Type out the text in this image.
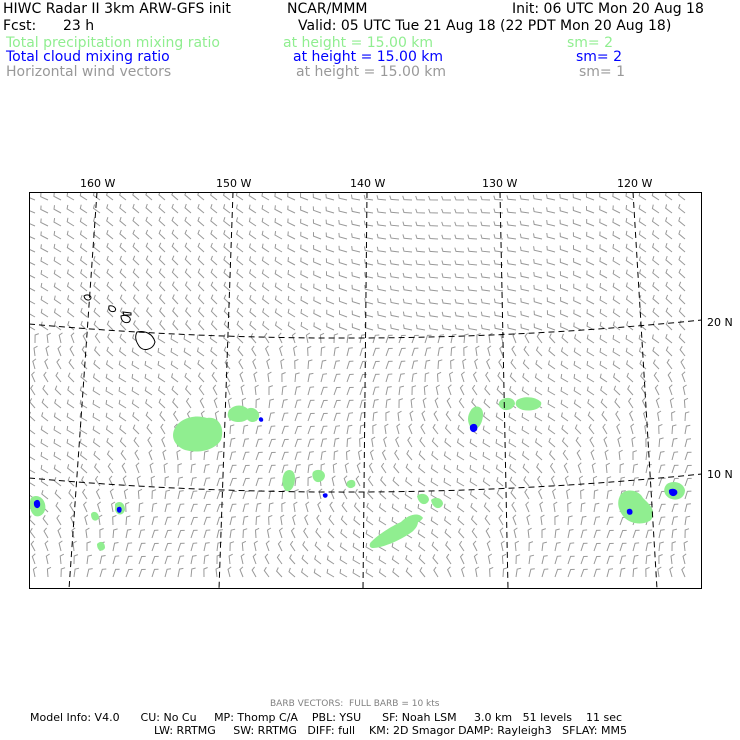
HIWC Radar II 3km ARW-GFS init	NCAR/MMM	Init: 06 UTC Mon 20 Aug 18
Fcst: 23 h	Valid: 05 UTC Tue 21 Aug 18 (22 PDT Mon 20 Aug 18)
Total precipitation mixing ratio	at height = 15.00 km	sm= 2
Total cloud mixing ratio	at height = 15.00 km	sm= 2
Horizontal wind vectors	at height = 15.00 km	sm= 1
160 W	150 W	140 W	130 W	120 W
20 N
10 N
BARB VECTORS:  FULL BARB = 10 kts
Model Info: V4.0      CU: No Cu     MP: Thomp C/A    PBL: YSU      SF: Noah LSM     3.0 km   51 levels    11 sec
LW: RRTMG     SW: RRTMG   DIFF: full    KM: 2D Smagor DAMP: Rayleigh3   SFLAY: MM5
